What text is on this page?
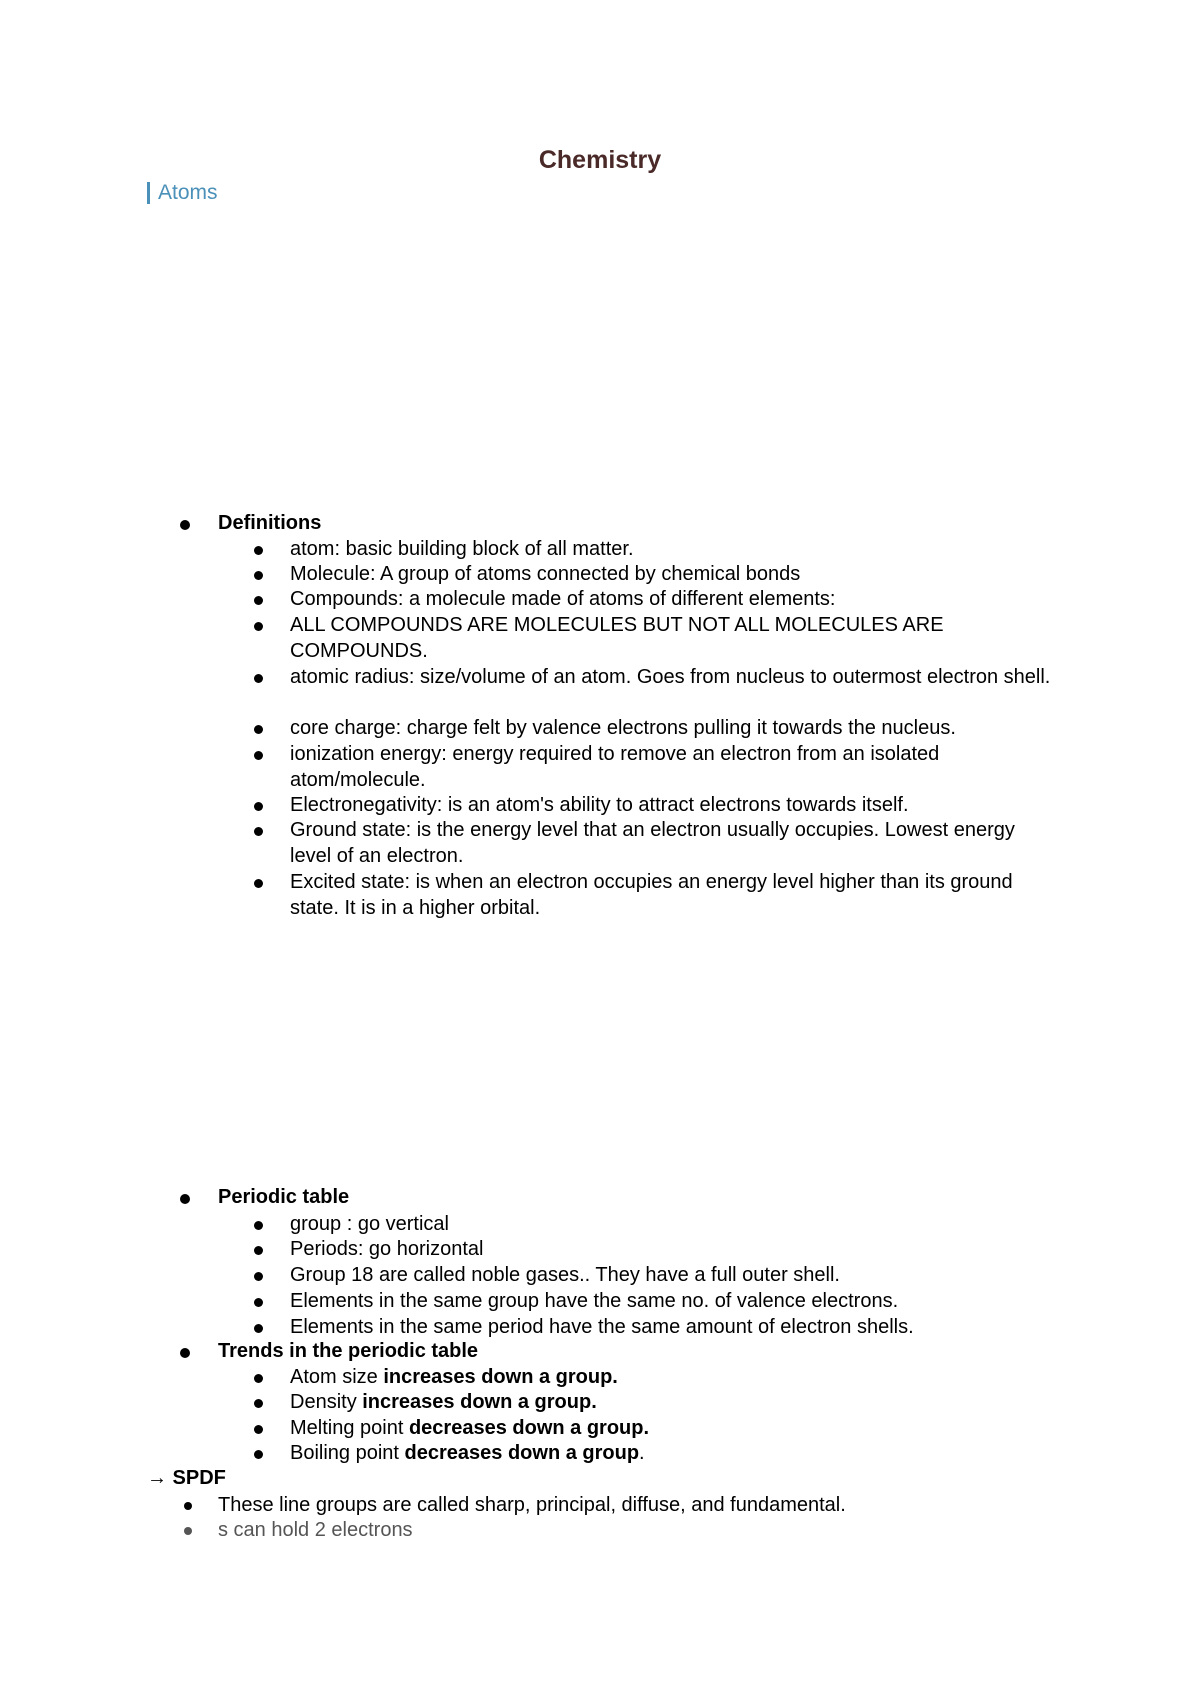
Chemistry
Atoms
Definitions
atom: basic building block of all matter.
Molecule: A group of atoms connected by chemical bonds
Compounds: a molecule made of atoms of different elements:
ALL COMPOUNDS ARE MOLECULES BUT NOT ALL MOLECULES ARE COMPOUNDS.
atomic radius: size/volume of an atom. Goes from nucleus to outermost electron shell.
core charge: charge felt by valence electrons pulling it towards the nucleus.
ionization energy: energy required to remove an electron from an isolated atom/molecule.
Electronegativity: is an atom's ability to attract electrons towards itself.
Ground state: is the energy level that an electron usually occupies. Lowest energy level of an electron.
Excited state: is when an electron occupies an energy level higher than its ground state. It is in a higher orbital.
Periodic table
group : go vertical
Periods: go horizontal
Group 18 are called noble gases.. They have a full outer shell.
Elements in the same group have the same no. of valence electrons.
Elements in the same period have the same amount of electron shells.
Trends in the periodic table
Atom size increases down a group.
Density increases down a group.
Melting point decreases down a group.
Boiling point decreases down a group.
→ SPDF
These line groups are called sharp, principal, diffuse, and fundamental.
s can hold 2 electrons
